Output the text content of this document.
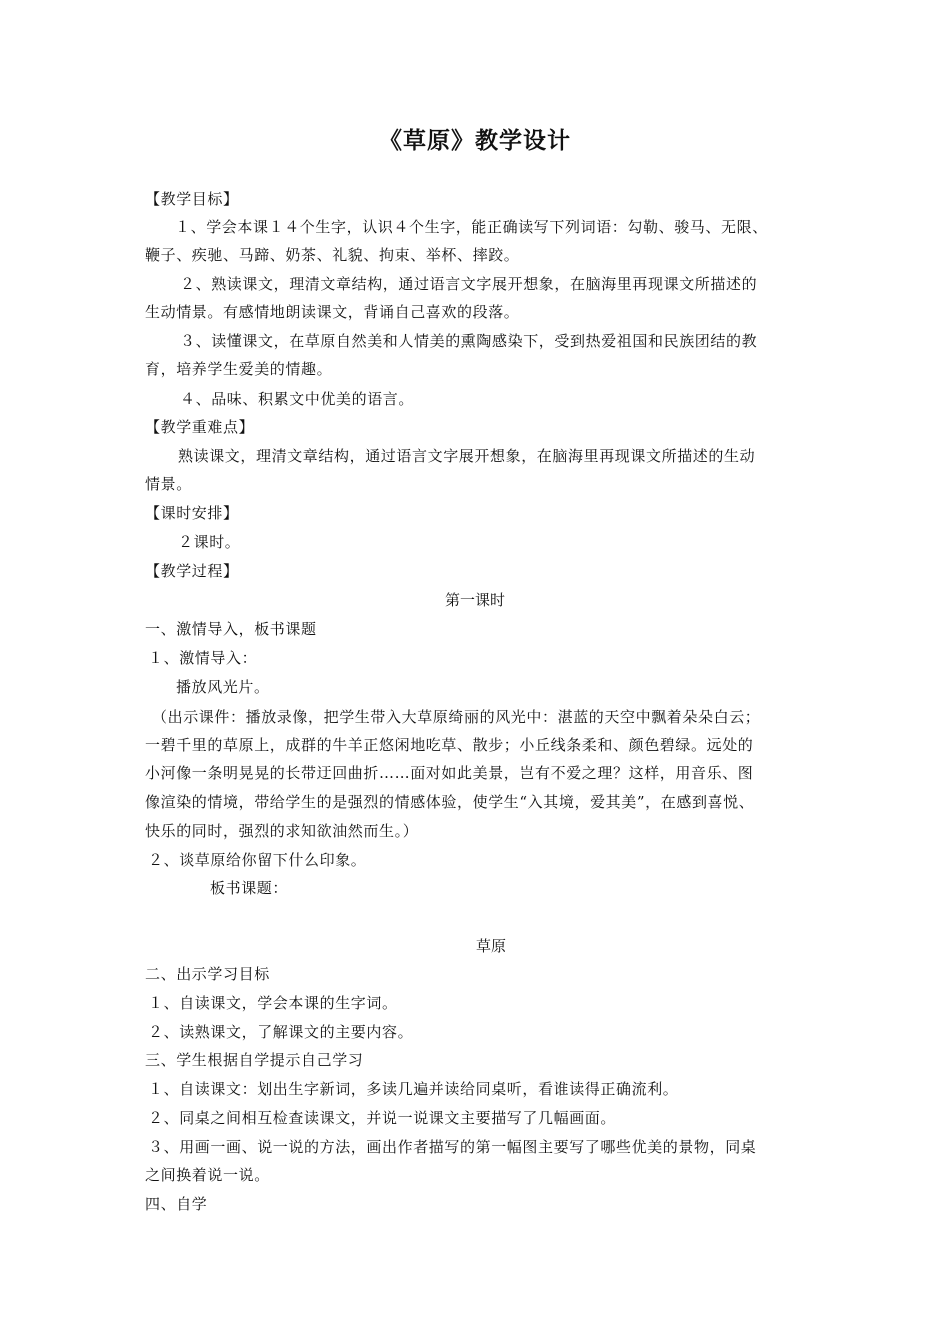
《草原》教学设计
【教学目标】
１、学会本课１４个生字，认识４个生字，能正确读写下列词语：勾勒、骏马、无限、
鞭子、疾驰、马蹄、奶茶、礼貌、拘束、举杯、摔跤。
２、熟读课文，理清文章结构，通过语言文字展开想象，在脑海里再现课文所描述的
生动情景。有感情地朗读课文，背诵自己喜欢的段落。
３、读懂课文，在草原自然美和人情美的熏陶感染下，受到热爱祖国和民族团结的教
育，培养学生爱美的情趣。
４、品味、积累文中优美的语言。
【教学重难点】
熟读课文，理清文章结构，通过语言文字展开想象，在脑海里再现课文所描述的生动
情景。
【课时安排】
２课时。
【教学过程】
第一课时
一、激情导入，板书课题
１、激情导入：
播放风光片。
（出示课件：播放录像，把学生带入大草原绮丽的风光中：湛蓝的天空中飘着朵朵白云；
一碧千里的草原上，成群的牛羊正悠闲地吃草、散步；小丘线条柔和、颜色碧绿。远处的
小河像一条明晃晃的长带迂回曲折……面对如此美景，岂有不爱之理？这样，用音乐、图
像渲染的情境，带给学生的是强烈的情感体验，使学生“入其境，爱其美”，在感到喜悦、
快乐的同时，强烈的求知欲油然而生。）
２、谈草原给你留下什么印象。
板书课题：
草原
二、出示学习目标
１、自读课文，学会本课的生字词。
２、读熟课文，了解课文的主要内容。
三、学生根据自学提示自己学习
１、自读课文：划出生字新词，多读几遍并读给同桌听，看谁读得正确流利。
２、同桌之间相互检查读课文，并说一说课文主要描写了几幅画面。
３、用画一画、说一说的方法，画出作者描写的第一幅图主要写了哪些优美的景物，同桌
之间换着说一说。
四、自学
